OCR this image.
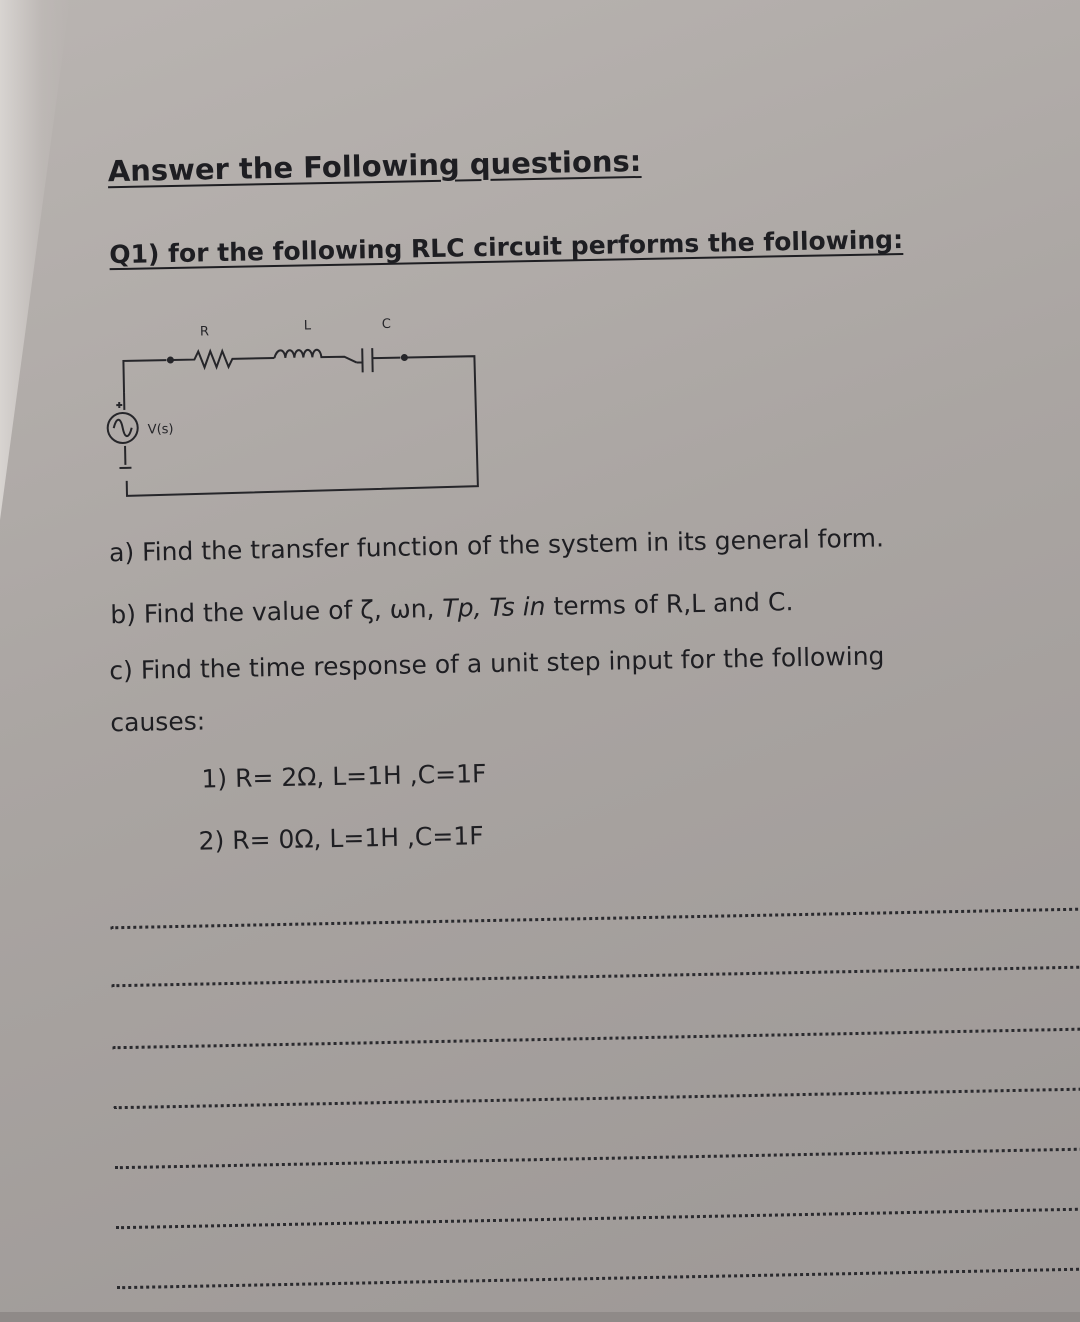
Answer the Following questions:
Q1) for the following RLC circuit performs the following:
R	L	C
V(s)
a) Find the transfer function of the system in its general form.
b) Find the value of ζ, ωn, Tp, Ts in terms of R,L and C.
c) Find the time response of a unit step input for the following
causes:
1) R= 2Ω, L=1H ,C=1F
2) R= 0Ω, L=1H ,C=1F
